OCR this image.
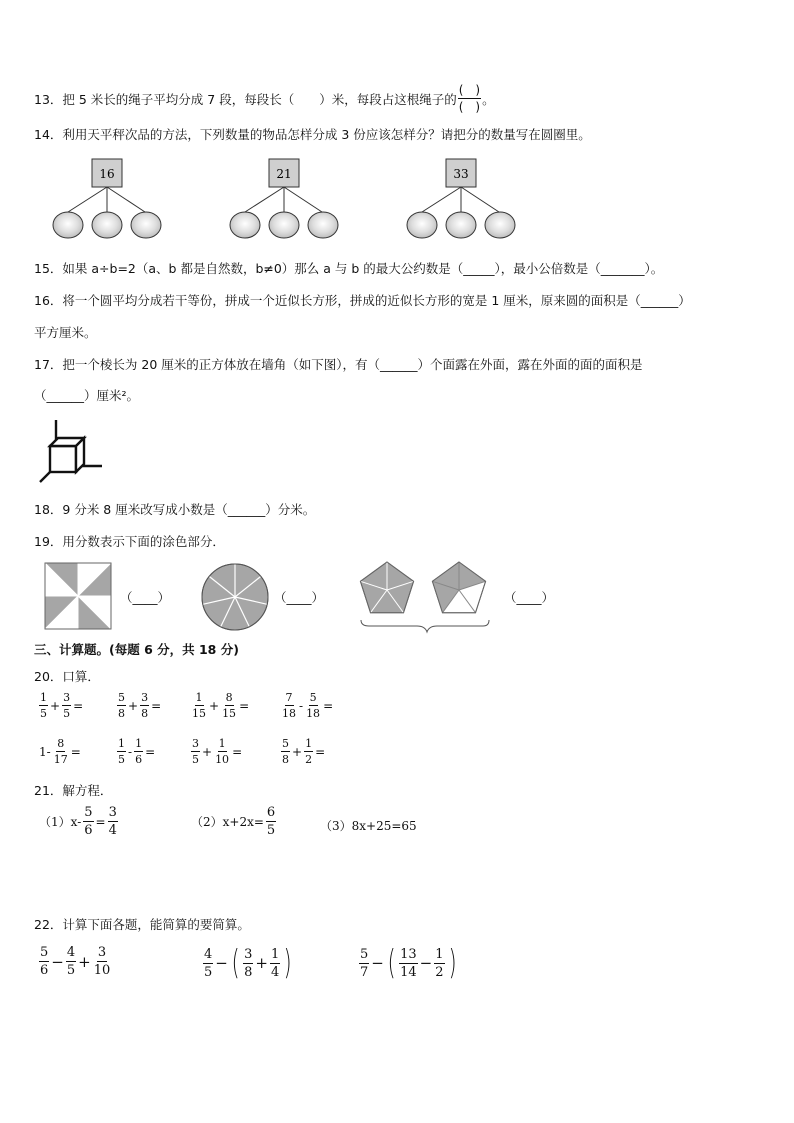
13．把 5 米长的绳子平均分成 7 段，每段长（　　）米，每段占这根绳子的 $\frac{( )}{( )}$ 。
14．利用天平秤次品的方法，下列数量的物品怎样分成 3 份应该怎样分？请把分的数量写在圆圈里。
16	21	33
15．如果 a÷b=2（a、b 都是自然数，b≠0）那么 a 与 b 的最大公约数是（_____），最小公倍数是（_______）。
16．将一个圆平均分成若干等份，拼成一个近似长方形，拼成的近似长方形的宽是 1 厘米，原来圆的面积是（______）
平方厘米。
17．把一个棱长为 20 厘米的正方体放在墙角（如下图），有（______）个面露在外面，露在外面的面的面积是
（______）厘米²。
18．9 分米 8 厘米改写成小数是（______）分米。
19．用分数表示下面的涂色部分．
（____）	（____）	（____）
三、计算题。(每题 6 分，共 18 分)
20．口算．
$\frac{1}{5} + \frac{3}{5}$ =	$\frac{5}{8} + \frac{3}{8}$ =	$\frac{1}{15} + \frac{8}{15}$ =	$\frac{7}{18} - \frac{5}{18}$ =
$1- \frac{8}{17}$ =	$\frac{1}{5} - \frac{1}{6}$ =	$\frac{3}{5} + \frac{1}{10}$ =	$\frac{5}{8} + \frac{1}{2}$ =
21．解方程．
$(1)x- \frac{5}{6} = \frac{3}{4}$	$(2)x+2x= \frac{6}{5}$	（3）8x+25=65
22．计算下面各题，能简算的要简算。
$\frac{5}{6} - \frac{4}{5} + \frac{3}{10}$	$\frac{4}{5}$ − ( $\frac{3}{8} + \frac{1}{4}$ )	$\frac{5}{7}$ − ( $\frac{13}{14} - \frac{1}{2}$ )
